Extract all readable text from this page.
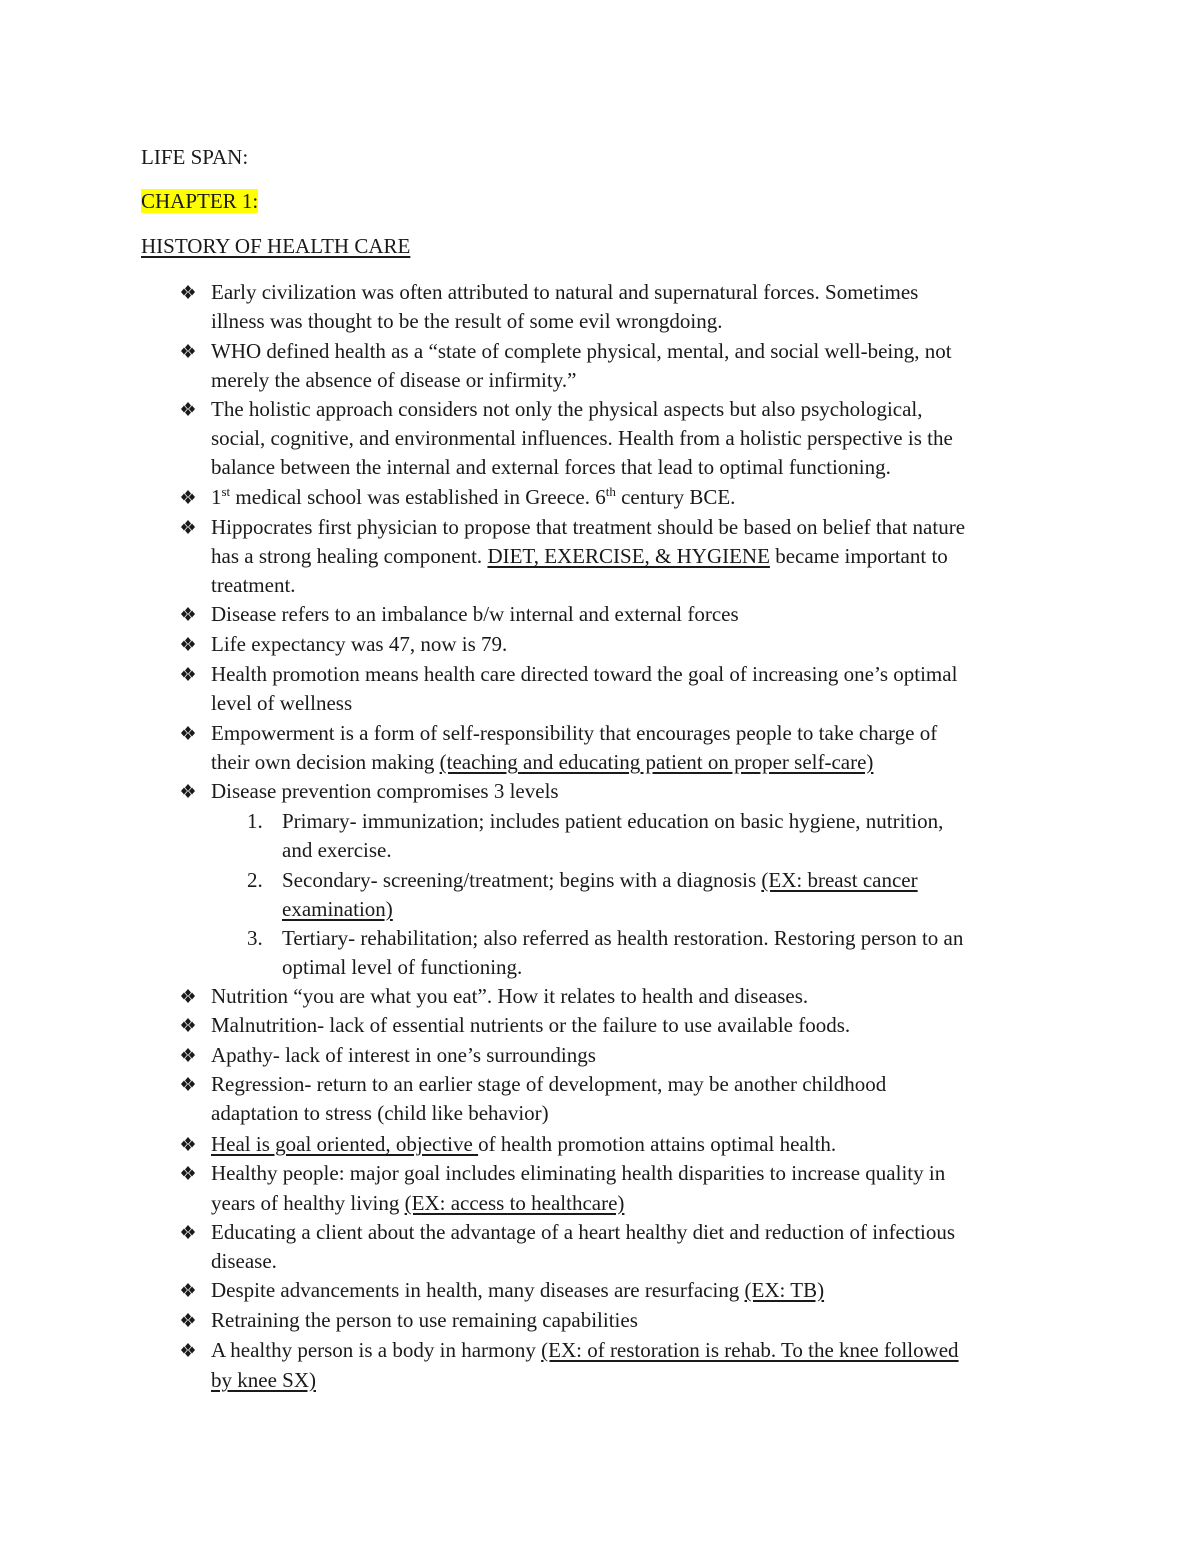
LIFE SPAN:
CHAPTER 1:
HISTORY OF HEALTH CARE
Early civilization was often attributed to natural and supernatural forces. Sometimes
illness was thought to be the result of some evil wrongdoing.
WHO defined health as a “state of complete physical, mental, and social well-being, not
merely the absence of disease or infirmity.”
The holistic approach considers not only the physical aspects but also psychological,
social, cognitive, and environmental influences. Health from a holistic perspective is the
balance between the internal and external forces that lead to optimal functioning.
1st medical school was established in Greece. 6th century BCE.
Hippocrates first physician to propose that treatment should be based on belief that nature
has a strong healing component. DIET, EXERCISE, & HYGIENE became important to
treatment.
Disease refers to an imbalance b/w internal and external forces
Life expectancy was 47, now is 79.
Health promotion means health care directed toward the goal of increasing one’s optimal
level of wellness
Empowerment is a form of self-responsibility that encourages people to take charge of
their own decision making (teaching and educating patient on proper self-care)
Disease prevention compromises 3 levels
1. Primary- immunization; includes patient education on basic hygiene, nutrition,
and exercise.
2. Secondary- screening/treatment; begins with a diagnosis (EX: breast cancer
examination)
3. Tertiary- rehabilitation; also referred as health restoration. Restoring person to an
optimal level of functioning.
Nutrition “you are what you eat”. How it relates to health and diseases.
Malnutrition- lack of essential nutrients or the failure to use available foods.
Apathy- lack of interest in one’s surroundings
Regression- return to an earlier stage of development, may be another childhood
adaptation to stress (child like behavior)
Heal is goal oriented, objective of health promotion attains optimal health.
Healthy people: major goal includes eliminating health disparities to increase quality in
years of healthy living (EX: access to healthcare)
Educating a client about the advantage of a heart healthy diet and reduction of infectious
disease.
Despite advancements in health, many diseases are resurfacing (EX: TB)
Retraining the person to use remaining capabilities
A healthy person is a body in harmony (EX: of restoration is rehab. To the knee followed
by knee SX)
